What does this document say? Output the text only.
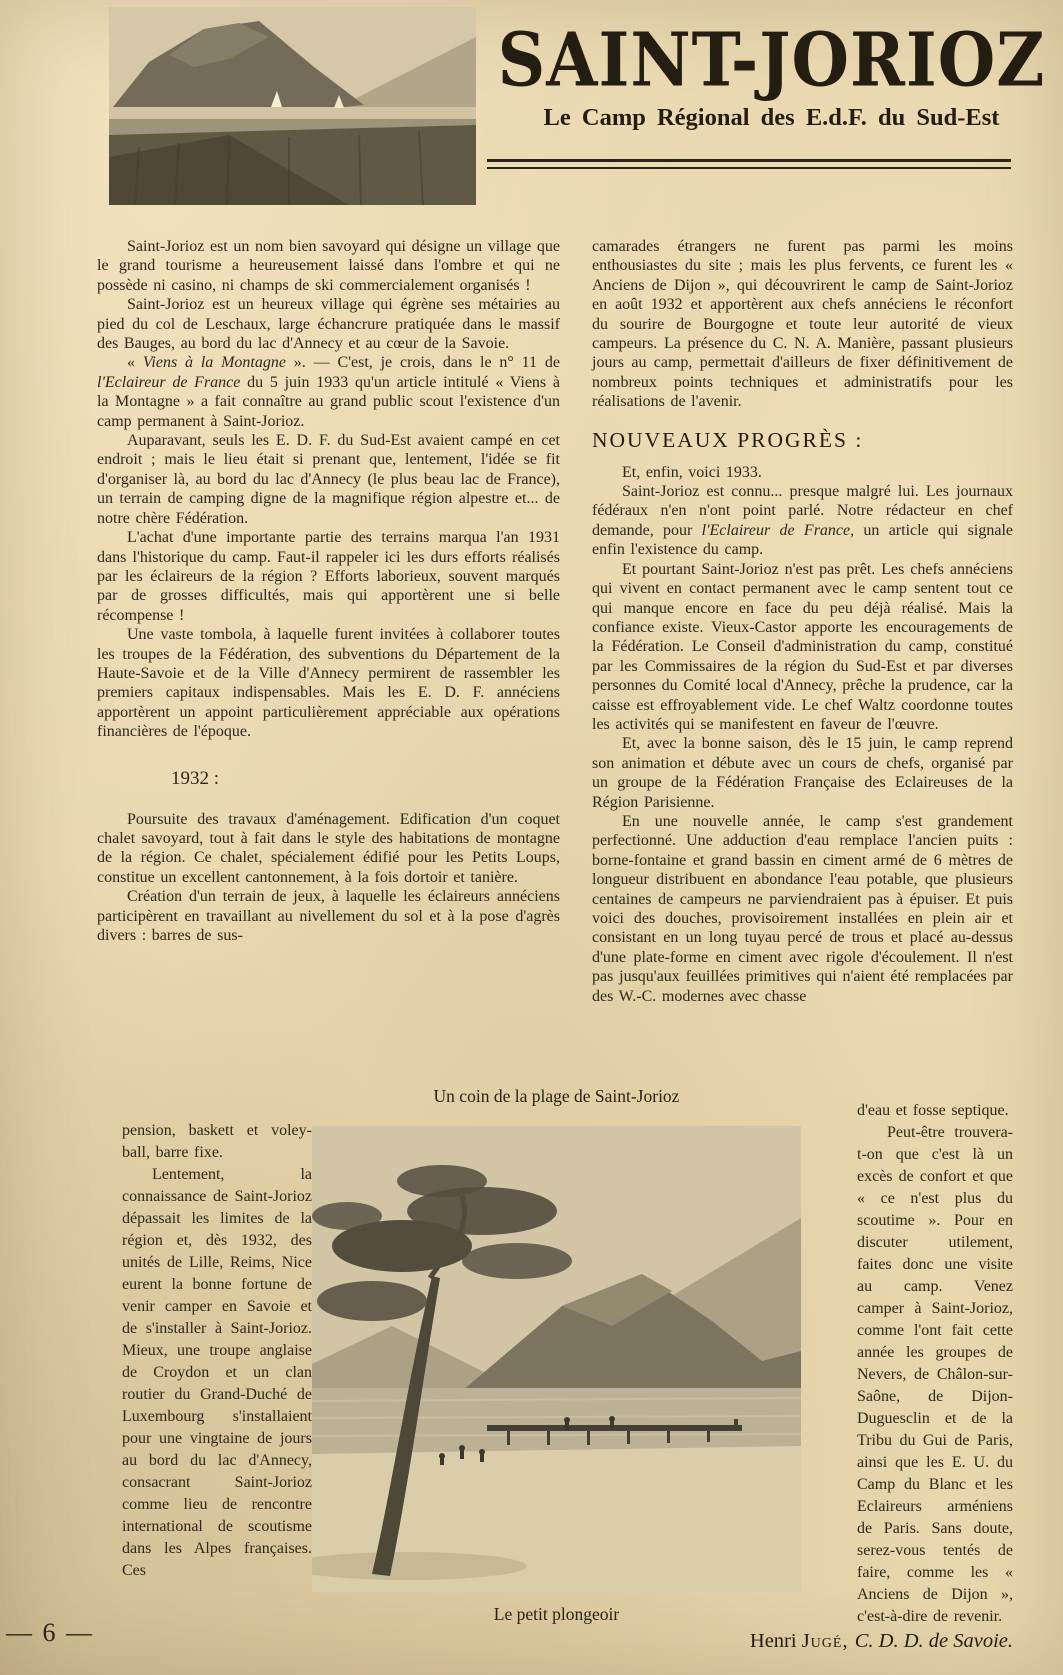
SAINT-JORIOZ
Le Camp Régional des E.d.F. du Sud-Est

Saint-Jorioz est un nom bien savoyard qui désigne un village que le grand tourisme a heureusement laissé dans l'ombre et qui ne possède ni casino, ni champs de ski commercialement organisés !

Saint-Jorioz est un heureux village qui égrène ses métairies au pied du col de Leschaux, large échancrure pratiquée dans le massif des Bauges, au bord du lac d'Annecy et au cœur de la Savoie.

« Viens à la Montagne ». — C'est, je crois, dans le n° 11 de l'Eclaireur de France du 5 juin 1933 qu'un article intitulé « Viens à la Montagne » a fait connaître au grand public scout l'existence d'un camp permanent à Saint-Jorioz.

Auparavant, seuls les E. D. F. du Sud-Est avaient campé en cet endroit ; mais le lieu était si prenant que, lentement, l'idée se fit d'organiser là, au bord du lac d'Annecy (le plus beau lac de France), un terrain de camping digne de la magnifique région alpestre et... de notre chère Fédération.

L'achat d'une importante partie des terrains marqua l'an 1931 dans l'historique du camp. Faut-il rappeler ici les durs efforts réalisés par les éclaireurs de la région ? Efforts laborieux, souvent marqués par de grosses difficultés, mais qui apportèrent une si belle récompense !

Une vaste tombola, à laquelle furent invitées à collaborer toutes les troupes de la Fédération, des subventions du Département de la Haute-Savoie et de la Ville d'Annecy permirent de rassembler les premiers capitaux indispensables. Mais les E. D. F. annéciens apportèrent un appoint particulièrement appréciable aux opérations financières de l'époque.

1932 :

Poursuite des travaux d'aménagement. Edification d'un coquet chalet savoyard, tout à fait dans le style des habitations de montagne de la région. Ce chalet, spécialement édifié pour les Petits Loups, constitue un excellent cantonnement, à la fois dortoir et tanière.

Création d'un terrain de jeux, à laquelle les éclaireurs annéciens participèrent en travaillant au nivellement du sol et à la pose d'agrès divers : barres de sus-

camarades étrangers ne furent pas parmi les moins enthousiastes du site ; mais les plus fervents, ce furent les « Anciens de Dijon », qui découvrirent le camp de Saint-Jorioz en août 1932 et apportèrent aux chefs annéciens le réconfort du sourire de Bourgogne et toute leur autorité de vieux campeurs. La présence du C. N. A. Manière, passant plusieurs jours au camp, permettait d'ailleurs de fixer définitivement de nombreux points techniques et administratifs pour les réalisations de l'avenir.

NOUVEAUX PROGRÈS :

Et, enfin, voici 1933.

Saint-Jorioz est connu... presque malgré lui. Les journaux fédéraux n'en n'ont point parlé. Notre rédacteur en chef demande, pour l'Eclaireur de France, un article qui signale enfin l'existence du camp.

Et pourtant Saint-Jorioz n'est pas prêt. Les chefs annéciens qui vivent en contact permanent avec le camp sentent tout ce qui manque encore en face du peu déjà réalisé. Mais la confiance existe. Vieux-Castor apporte les encouragements de la Fédération. Le Conseil d'administration du camp, constitué par les Commissaires de la région du Sud-Est et par diverses personnes du Comité local d'Annecy, prêche la prudence, car la caisse est effroyablement vide. Le chef Waltz coordonne toutes les activités qui se manifestent en faveur de l'œuvre.

Et, avec la bonne saison, dès le 15 juin, le camp reprend son animation et débute avec un cours de chefs, organisé par un groupe de la Fédération Française des Eclaireuses de la Région Parisienne.

En une nouvelle année, le camp s'est grandement perfectionné. Une adduction d'eau remplace l'ancien puits : borne-fontaine et grand bassin en ciment armé de 6 mètres de longueur distribuent en abondance l'eau potable, que plusieurs centaines de campeurs ne parviendraient pas à épuiser. Et puis voici des douches, provisoirement installées en plein air et consistant en un long tuyau percé de trous et placé au-dessus d'une plate-forme en ciment avec rigole d'écoulement. Il n'est pas jusqu'aux feuillées primitives qui n'aient été remplacées par des W.-C. modernes avec chasse

pension, baskett et voley-ball, barre fixe.

Lentement, la connaissance de Saint-Jorioz dépassait les limites de la région et, dès 1932, des unités de Lille, Reims, Nice eurent la bonne fortune de venir camper en Savoie et de s'installer à Saint-Jorioz. Mieux, une troupe anglaise de Croydon et un clan routier du Grand-Duché de Luxembourg s'installaient pour une vingtaine de jours au bord du lac d'Annecy, consacrant Saint-Jorioz comme lieu de rencontre international de scoutisme dans les Alpes françaises. Ces

d'eau et fosse septique.

Peut-être trouvera-t-on que c'est là un excès de confort et que « ce n'est plus du scoutime ». Pour en discuter utilement, faites donc une visite au camp. Venez camper à Saint-Jorioz, comme l'ont fait cette année les groupes de Nevers, de Châlon-sur-Saône, de Dijon-Duguesclin et de la Tribu du Gui de Paris, ainsi que les E. U. du Camp du Blanc et les Eclaireurs arméniens de Paris. Sans doute, serez-vous tentés de faire, comme les « Anciens de Dijon », c'est-à-dire de revenir.

Un coin de la plage de Saint-Jorioz
Le petit plongeoir
— 6 —	Henri Jugé, C. D. D. de Savoie.
